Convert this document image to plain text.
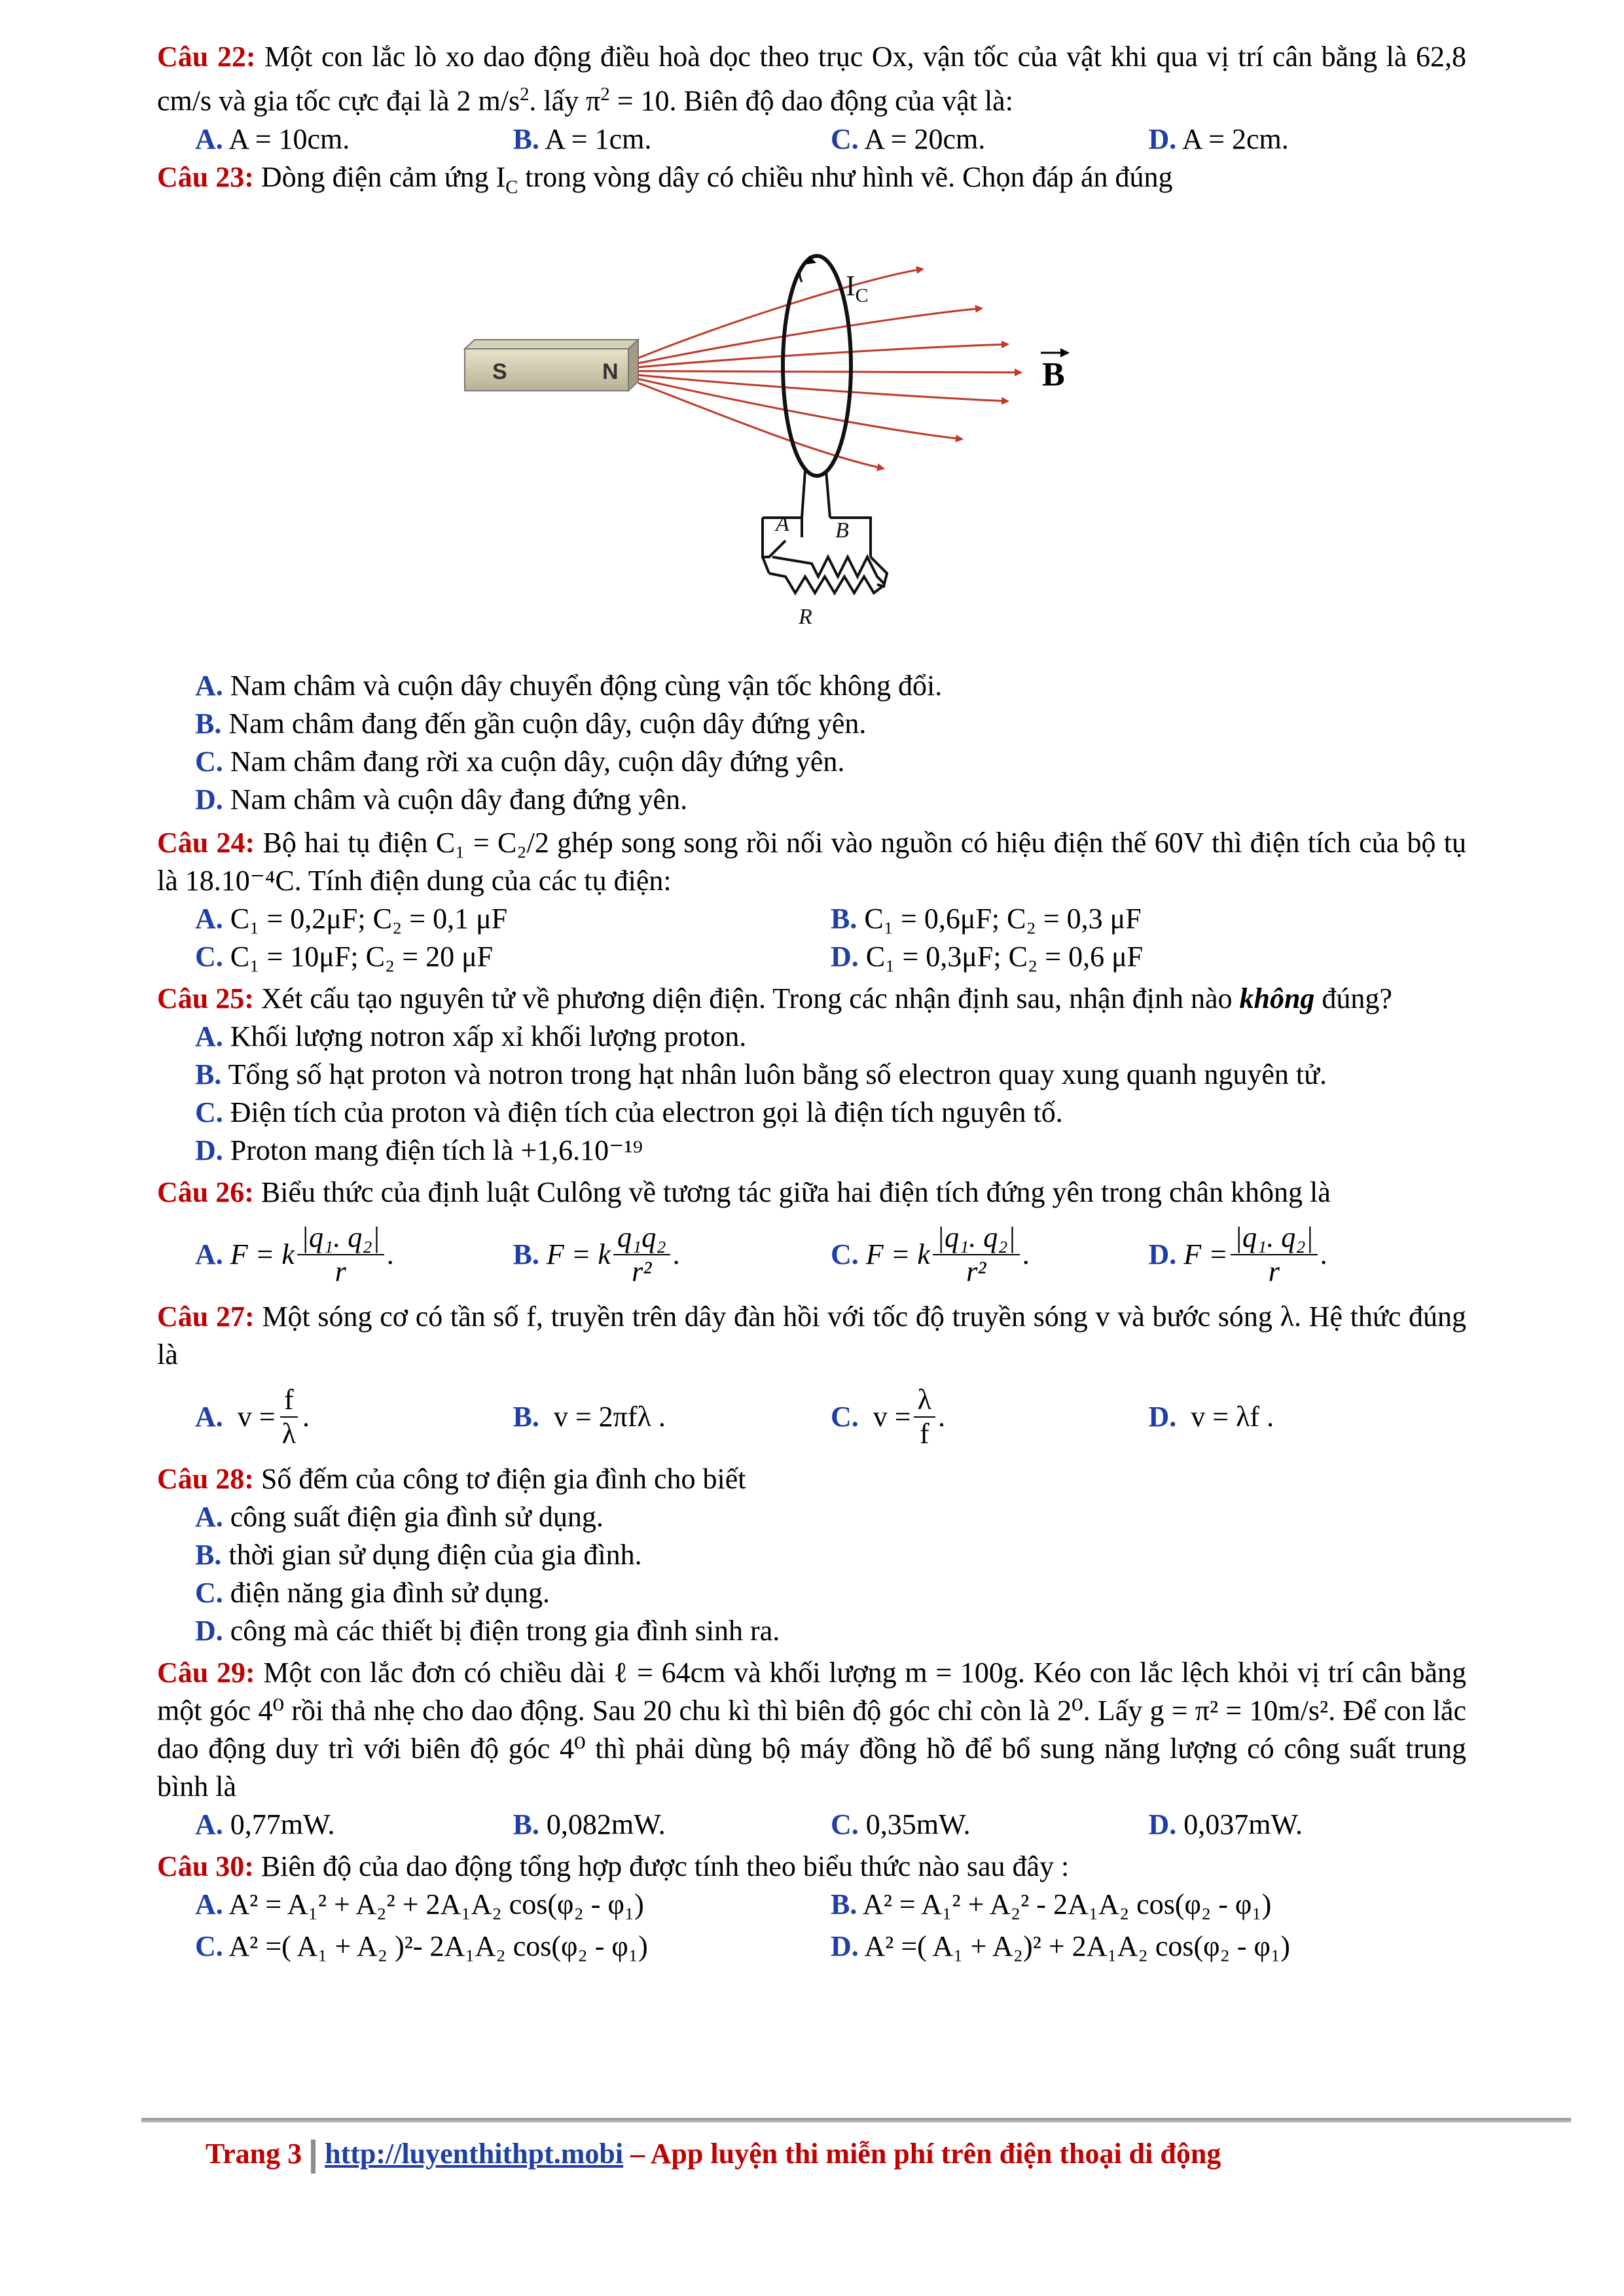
Câu 22: Một con lắc lò xo dao động điều hoà dọc theo trục Ox, vận tốc của vật khi qua vị trí cân bằng là 62,8 cm/s và gia tốc cực đại là 2 $m/s^2$. lấy $\pi^2 = 10$. Biên độ dao động của vật là:

A. A = 10cm.	B. A = 1cm.	C. A = 20cm.	D. A = 2cm.

Câu 23: Dòng điện cảm ứng $I_C$ trong vòng dây có chiều như hình vẽ. Chọn đáp án đúng

S	N
$I_C$
B
A B
R

A. Nam châm và cuộn dây chuyển động cùng vận tốc không đổi.

B. Nam châm đang đến gần cuộn dây, cuộn dây đứng yên.

C. Nam châm đang rời xa cuộn dây, cuộn dây đứng yên.

D. Nam châm và cuộn dây đang đứng yên.

Câu 24: Bộ hai tụ điện C₁ = C₂/2 ghép song song rồi nối vào nguồn có hiệu điện thế 60V thì điện tích của bộ tụ là 18.10⁻⁴C. Tính điện dung của các tụ điện:

A. C₁ = 0,2μF; C₂ = 0,1 μF	B. C₁ = 0,6μF; C₂ = 0,3 μF
C. C₁ = 10μF; C₂ = 20 μF	D. C₁ = 0,3μF; C₂ = 0,6 μF

Câu 25: Xét cấu tạo nguyên tử về phương diện điện. Trong các nhận định sau, nhận định nào không đúng?

A. Khối lượng notron xấp xỉ khối lượng proton.

B. Tổng số hạt proton và notron trong hạt nhân luôn bằng số electron quay xung quanh nguyên tử.

C. Điện tích của proton và điện tích của electron gọi là điện tích nguyên tố.

D. Proton mang điện tích là +1,6.10⁻¹⁹

Câu 26: Biểu thức của định luật Culông về tương tác giữa hai điện tích đứng yên trong chân không là

A.
F = k $\frac{\text{|q₁. q₂|}}{r}$ .	B.
F = k $\frac{\text{q₁q₂}}{\text{r²}}$ .	C.
F = k $\frac{\text{|q₁. q₂|}}{\text{r²}}$ .	D.
$F = \frac{\text{|q₁. q₂|}}{r}$ .

Câu 27: Một sóng cơ có tần số f, truyền trên dây đàn hồi với tốc độ truyền sóng v và bước sóng λ. Hệ thức đúng là

A.
$v = \frac{f}{\lambda}$ .	B.
v = 2πfλ .	C.
$v = \frac{\lambda}{f}$ .	D.
v = λf .

Câu 28: Số đếm của công tơ điện gia đình cho biết

A. công suất điện gia đình sử dụng.

B. thời gian sử dụng điện của gia đình.

C. điện năng gia đình sử dụng.

D. công mà các thiết bị điện trong gia đình sinh ra.

Câu 29: Một con lắc đơn có chiều dài ℓ = 64cm và khối lượng m = 100g. Kéo con lắc lệch khỏi vị trí cân bằng một góc 4⁰ rồi thả nhẹ cho dao động. Sau 20 chu kì thì biên độ góc chỉ còn là 2⁰. Lấy g = π² = 10m/s². Để con lắc dao động duy trì với biên độ góc 4⁰ thì phải dùng bộ máy đồng hồ để bổ sung năng lượng có công suất trung bình là

A. 0,77mW.	B. 0,082mW.	C. 0,35mW.	D. 0,037mW.

Câu 30: Biên độ của dao động tổng hợp được tính theo biểu thức nào sau đây :

A. A² = A₁² + A₂² + 2A₁A₂ cos(φ₂ - φ₁)	B. A² = A₁² + A₂² - 2A₁A₂ cos(φ₂ - φ₁)
C. A² =( A₁ + A₂ )²- 2A₁A₂ cos(φ₂ - φ₁)	D. A² =( A₁ + A₂)² + 2A₁A₂ cos(φ₂ - φ₁)
Trang 3 http://luyenthithpt.mobi – App luyện thi miễn phí trên điện thoại di động
